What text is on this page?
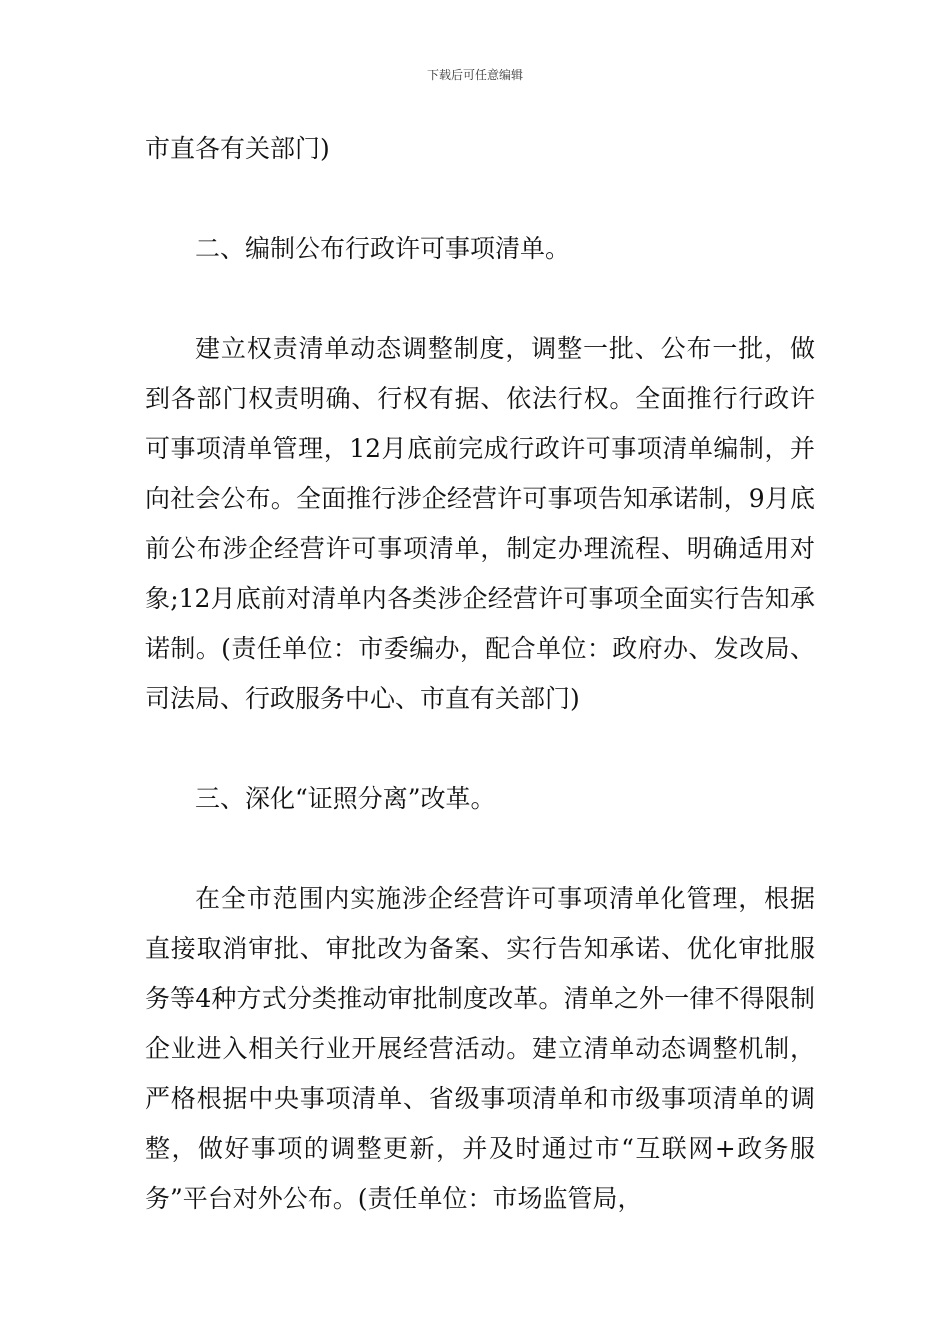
下载后可任意编辑

市直各有关部门)

二、编制公布行政许可事项清单。

建立权责清单动态调整制度，调整一批、公布一批，做到各部门权责明确、行权有据、依法行权。全面推行行政许可事项清单管理，12月底前完成行政许可事项清单编制，并向社会公布。全面推行涉企经营许可事项告知承诺制，9月底前公布涉企经营许可事项清单，制定办理流程、明确适用对象;12月底前对清单内各类涉企经营许可事项全面实行告知承诺制。(责任单位：市委编办，配合单位：政府办、发改局、司法局、行政服务中心、市直有关部门)

三、深化“证照分离”改革。

在全市范围内实施涉企经营许可事项清单化管理，根据直接取消审批、审批改为备案、实行告知承诺、优化审批服务等4种方式分类推动审批制度改革。清单之外一律不得限制企业进入相关行业开展经营活动。建立清单动态调整机制，严格根据中央事项清单、省级事项清单和市级事项清单的调整，做好事项的调整更新，并及时通过市“互联网+政务服务”平台对外公布。(责任单位：市场监管局，
